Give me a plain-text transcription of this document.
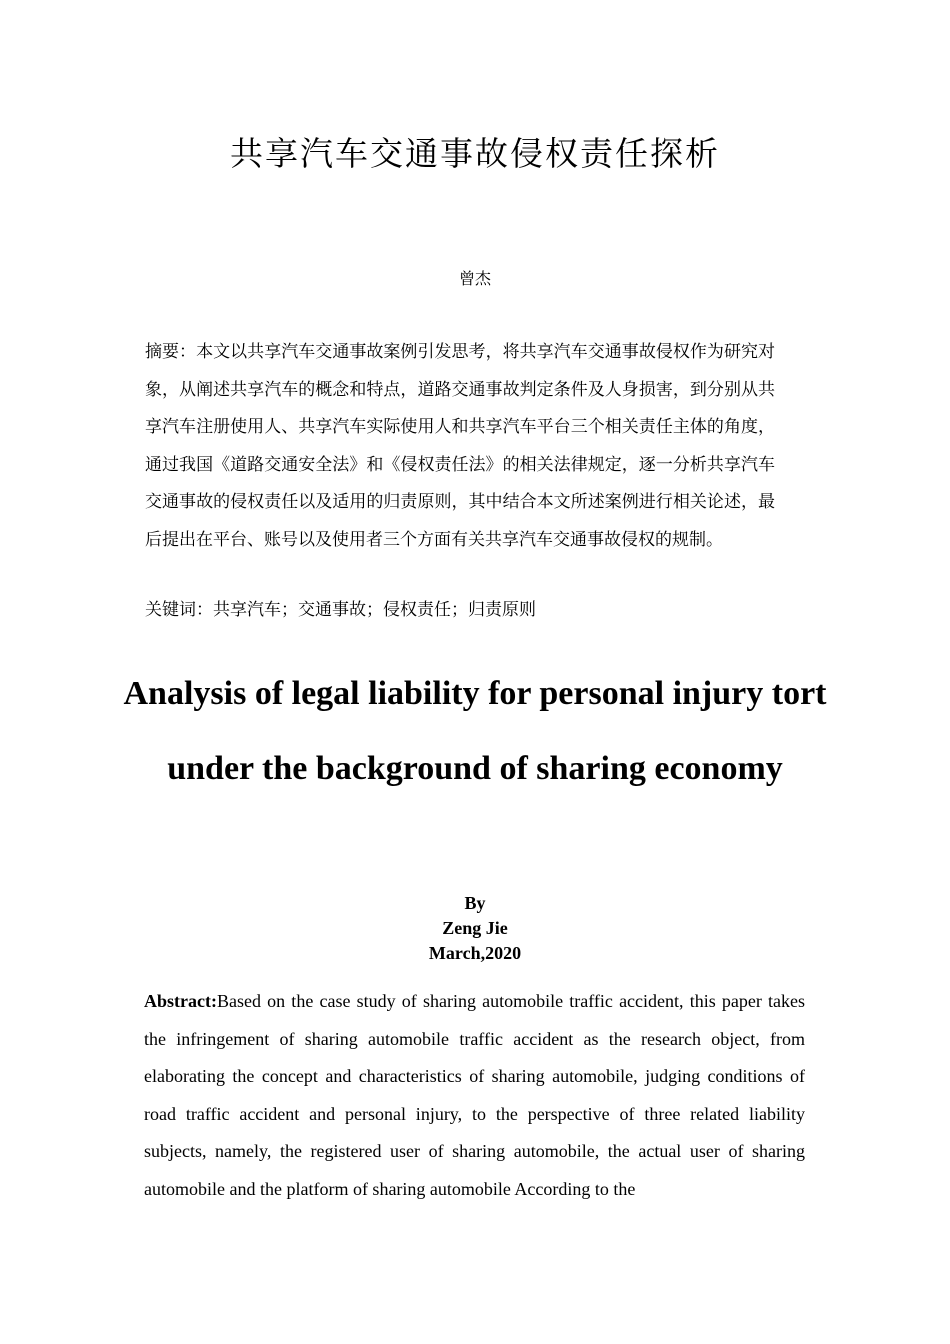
共享汽车交通事故侵权责任探析

曾杰

摘要：本文以共享汽车交通事故案例引发思考，将共享汽车交通事故侵权作为研究对象，从阐述共享汽车的概念和特点，道路交通事故判定条件及人身损害，到分别从共享汽车注册使用人、共享汽车实际使用人和共享汽车平台三个相关责任主体的角度，通过我国《道路交通安全法》和《侵权责任法》的相关法律规定，逐一分析共享汽车交通事故的侵权责任以及适用的归责原则，其中结合本文所述案例进行相关论述，最后提出在平台、账号以及使用者三个方面有关共享汽车交通事故侵权的规制。

关键词：共享汽车；交通事故；侵权责任；归责原则

Analysis of legal liability for personal injury tort under the background of sharing economy

By

Zeng Jie

March,2020

Abstract:Based on the case study of sharing automobile traffic accident, this paper takes the infringement of sharing automobile traffic accident as the research object, from elaborating the concept and characteristics of sharing automobile, judging conditions of road traffic accident and personal injury, to the perspective of three related liability subjects, namely, the registered user of sharing automobile, the actual user of sharing automobile and the platform of sharing automobile According to the
